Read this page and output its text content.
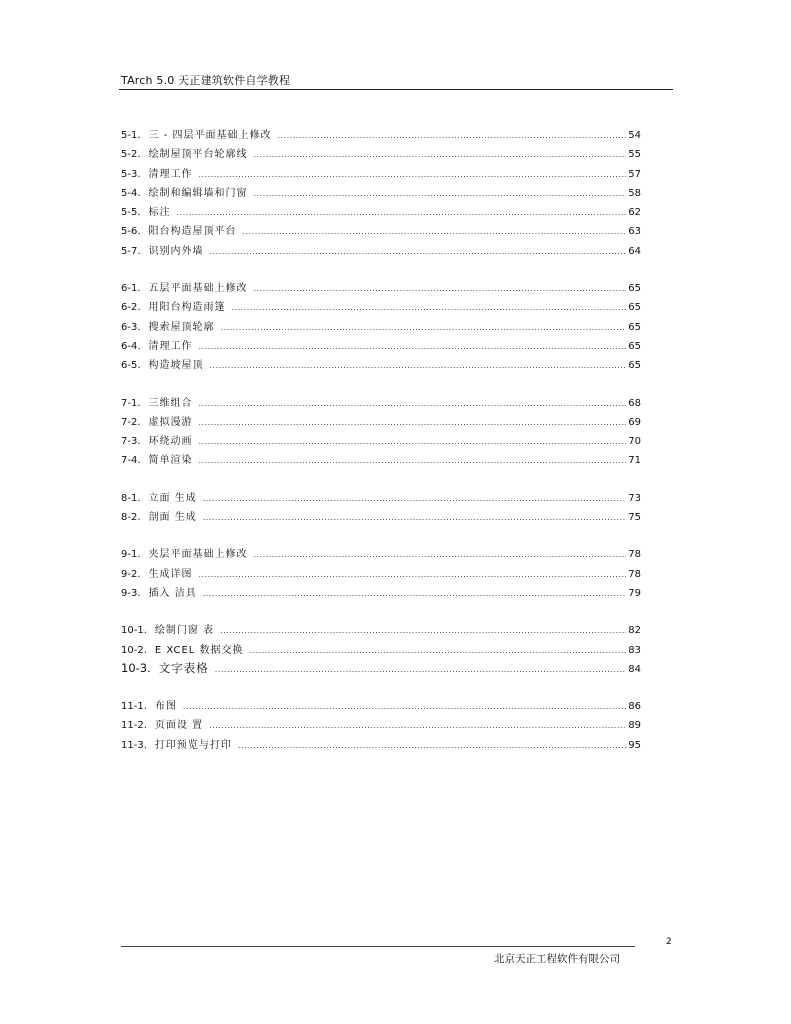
TArch 5.0 天正建筑软件自学教程
5-1. 三 - 四层平面基础上修改 .....	54
5-2. 绘制屋顶平台轮廓线 .....	55
5-3. 清理工作 .....	57
5-4. 绘制和编辑墙和门窗 .....	58
5-5. 标注 .....	62
5-6. 阳台构造屋顶平台 .....	63
5-7. 识别内外墙 .....	64
6-1. 五层平面基础上修改 .....	65
6-2. 用阳台构造雨篷 .....	65
6-3. 搜索屋顶轮廓 .....	65
6-4. 清理工作 .....	65
6-5. 构造坡屋顶 .....	65
7-1. 三维组合 .....	68
7-2. 虚拟漫游 .....	69
7-3. 环绕动画 .....	70
7-4. 简单渲染 .....	71
8-1. 立面 生成 .....	73
8-2. 剖面 生成 .....	75
9-1. 夹层平面基础上修改 .....	78
9-2. 生成详图 .....	78
9-3. 插入 洁具 .....	79
10-1. 绘制门窗 表 .....	82
10-2. E XCEL 数据交换 .....	83
10-3. 文字表格 .....	84
11-1. 布图 .....	86
11-2. 页面设 置 .....	89
11-3. 打印预览与打印 .....	95
2
北京天正工程软件有限公司
